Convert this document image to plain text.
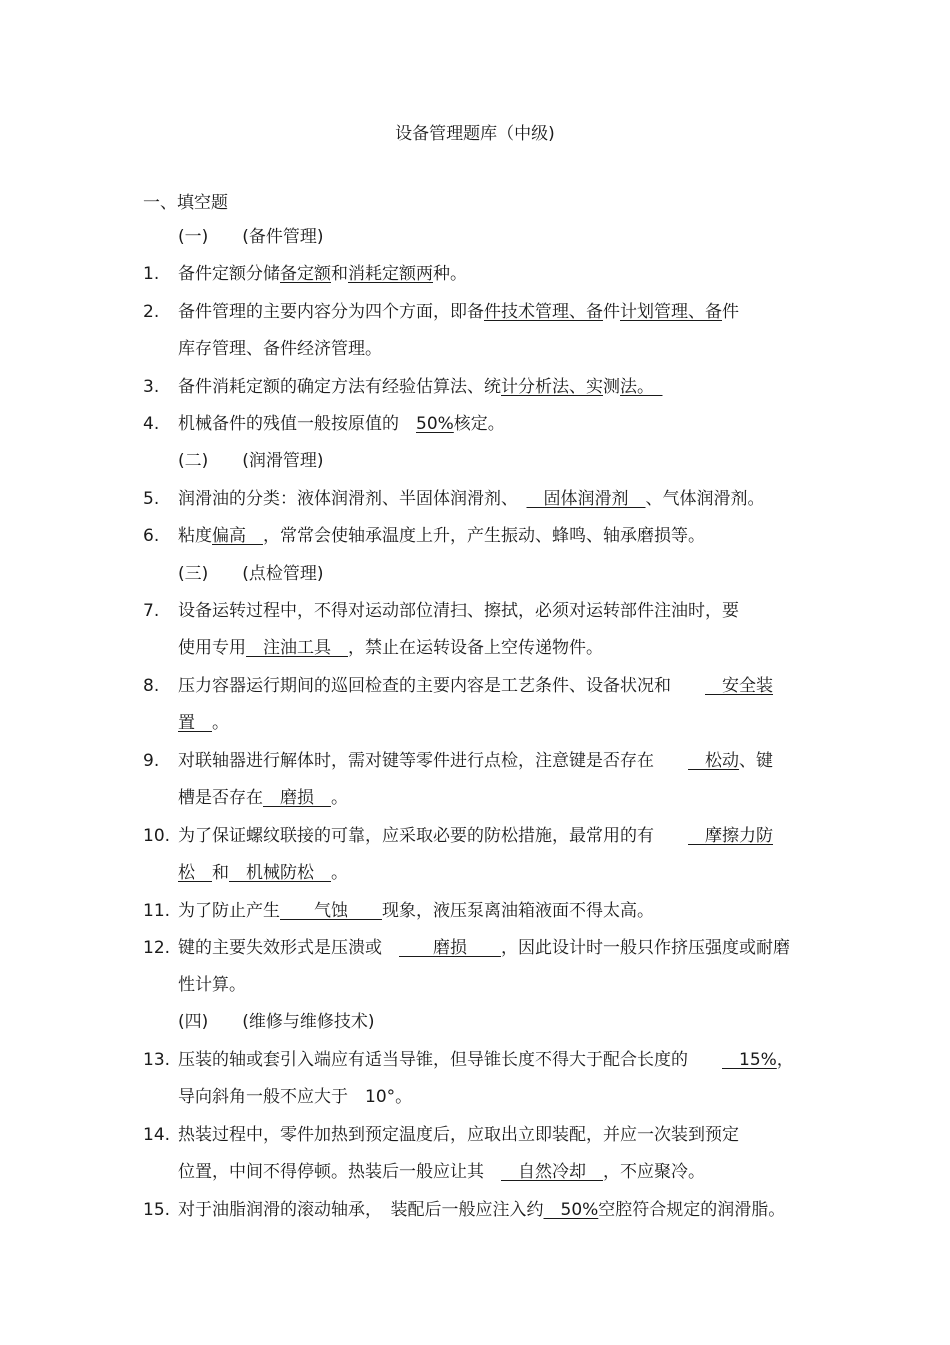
设备管理题库（中级)
一、填空题
(一)　　(备件管理)
1. 备件定额分储备定额和消耗定额两种。
2. 备件管理的主要内容分为四个方面，即备件技术管理、备件计划管理、备件
库存管理、备件经济管理。
3. 备件消耗定额的确定方法有经验估算法、统计分析法、实测法。　
4. 机械备件的残值一般按原值的　50%核定。
(二)　　(润滑管理)
5. 润滑油的分类：液体润滑剂、半固体润滑剂、　　固体润滑剂　、气体润滑剂。
6. 粘度偏高　，常常会使轴承温度上升，产生振动、蜂鸣、轴承磨损等。
(三)　　(点检管理)
7. 设备运转过程中，不得对运动部位清扫、擦拭，必须对运转部件注油时，要
使用专用　注油工具　，禁止在运转设备上空传递物件。
8. 压力容器运行期间的巡回检查的主要内容是工艺条件、设备状况和　　　安全装
置　。
9. 对联轴器进行解体时，需对键等零件进行点检，注意键是否存在　　　松动、键
槽是否存在　磨损　。
10. 为了保证螺纹联接的可靠，应采取必要的防松措施，最常用的有　　　摩擦力防
松　和　机械防松　。
11. 为了防止产生　　气蚀　　现象，液压泵离油箱液面不得太高。
12. 键的主要失效形式是压溃或　　　磨损　　，因此设计时一般只作挤压强度或耐磨
性计算。
(四)　　(维修与维修技术)
13. 压装的轴或套引入端应有适当导锥，但导锥长度不得大于配合长度的　　　15%，
导向斜角一般不应大于　10°。
14. 热装过程中，零件加热到预定温度后，应取出立即装配，并应一次装到预定
位置，中间不得停顿。热装后一般应让其　　自然冷却　，不应聚冷。
15. 对于油脂润滑的滚动轴承，　装配后一般应注入约　50%空腔符合规定的润滑脂。
